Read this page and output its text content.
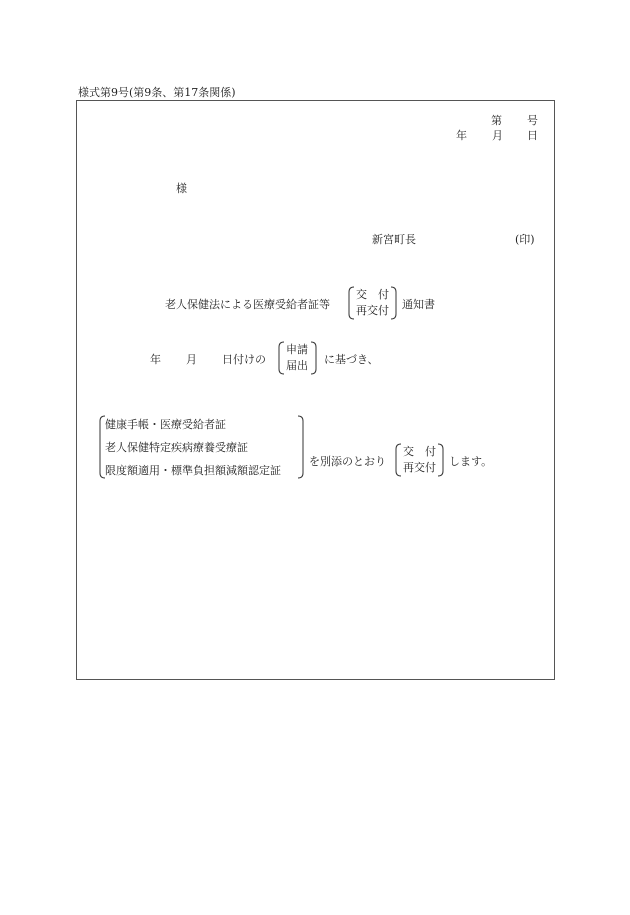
様式第9号(第9条、第17条関係)
第 号
年 月 日
様
新宮町長	(印)
老人保健法による医療受給者証等
交　付
再交付 通知書
年 月 日付けの
申請
届出 に基づき、
健康手帳・医療受給者証
老人保健特定疾病療養受療証
限度額適用・標準負担額減額認定証
を別添のとおり
交　付
再交付 します。
